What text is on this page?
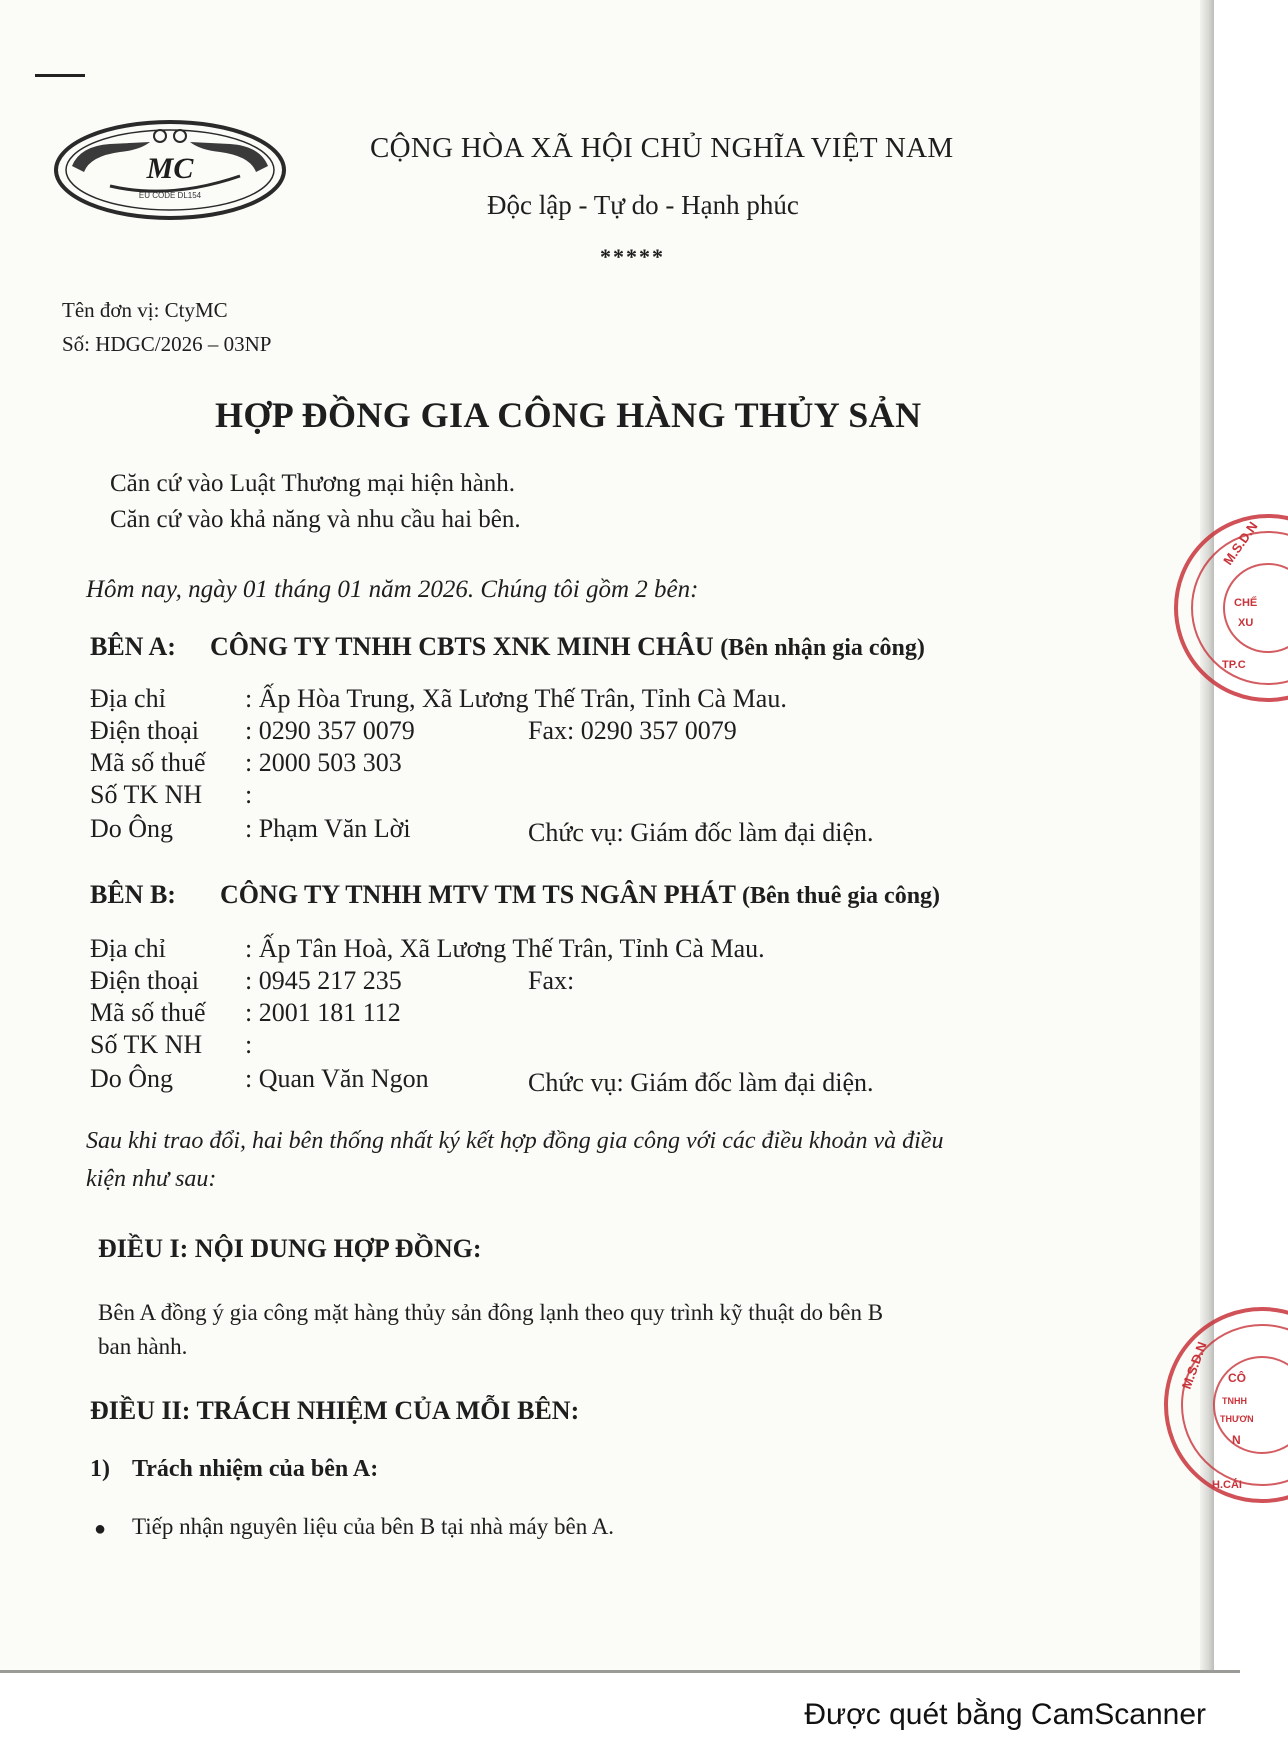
MC
EU CODE DL154
CỘNG HÒA XÃ HỘI CHỦ NGHĨA VIỆT NAM
Độc lập - Tự do - Hạnh phúc
*****
Tên đơn vị: CtyMC
Số: HDGC/2026 – 03NP
HỢP ĐỒNG GIA CÔNG HÀNG THỦY SẢN
Căn cứ vào Luật Thương mại hiện hành.
Căn cứ vào khả năng và nhu cầu hai bên.
Hôm nay, ngày 01 tháng 01 năm 2026. Chúng tôi gồm 2 bên:
BÊN A: CÔNG TY TNHH CBTS XNK MINH CHÂU (Bên nhận gia công)
Địa chỉ	: Ấp Hòa Trung, Xã Lương Thế Trân, Tỉnh Cà Mau.
Điện thoại : 0290 357 0079	Fax: 0290 357 0079
Mã số thuế : 2000 503 303
Số TK NH :
Do Ông	: Phạm Văn Lời	Chức vụ: Giám đốc làm đại diện.
BÊN B: CÔNG TY TNHH MTV TM TS NGÂN PHÁT (Bên thuê gia công)
Địa chỉ	: Ấp Tân Hoà, Xã Lương Thế Trân, Tỉnh Cà Mau.
Điện thoại : 0945 217 235	Fax:
Mã số thuế : 2001 181 112
Số TK NH :
Do Ông	: Quan Văn Ngon	Chức vụ: Giám đốc làm đại diện.
Sau khi trao đổi, hai bên thống nhất ký kết hợp đồng gia công với các điều khoản và điều
kiện như sau:
ĐIỀU I: NỘI DUNG HỢP ĐỒNG:
Bên A đồng ý gia công mặt hàng thủy sản đông lạnh theo quy trình kỹ thuật do bên B
ban hành.
ĐIỀU II: TRÁCH NHIỆM CỦA MỖI BÊN:
1) Trách nhiệm của bên A:
● Tiếp nhận nguyên liệu của bên B tại nhà máy bên A.
M.S.D.N
CHẾ
XU
TP.C
M.S.D.N CÔ
TNHH
THƯƠN
N
H.CÁI
Được quét bằng CamScanner
